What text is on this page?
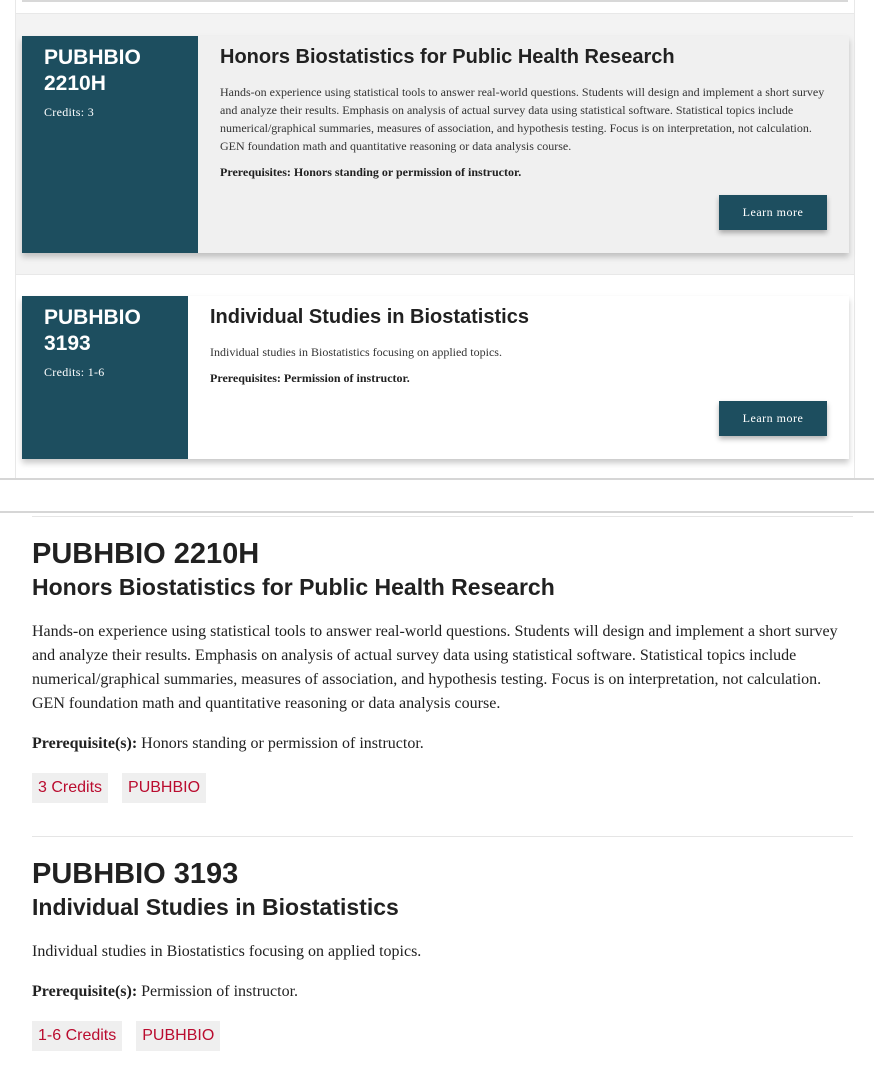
PUBHBIO 2210H
Credits: 3
Honors Biostatistics for Public Health Research

Hands-on experience using statistical tools to answer real-world questions. Students will design and implement a short survey and analyze their results. Emphasis on analysis of actual survey data using statistical software. Statistical topics include numerical/graphical summaries, measures of association, and hypothesis testing. Focus is on interpretation, not calculation. GEN foundation math and quantitative reasoning or data analysis course.

Prerequisites: Honors standing or permission of instructor.

Learn more
PUBHBIO 3193
Credits: 1-6
Individual Studies in Biostatistics

Individual studies in Biostatistics focusing on applied topics.

Prerequisites: Permission of instructor.

Learn more
PUBHBIO 2210H
Honors Biostatistics for Public Health Research

Hands-on experience using statistical tools to answer real-world questions. Students will design and implement a short survey and analyze their results. Emphasis on analysis of actual survey data using statistical software. Statistical topics include numerical/graphical summaries, measures of association, and hypothesis testing. Focus is on interpretation, not calculation. GEN foundation math and quantitative reasoning or data analysis course.

Prerequisite(s): Honors standing or permission of instructor.

3 Credits	PUBHBIO
PUBHBIO 3193
Individual Studies in Biostatistics

Individual studies in Biostatistics focusing on applied topics.

Prerequisite(s): Permission of instructor.

1-6 Credits	PUBHBIO
